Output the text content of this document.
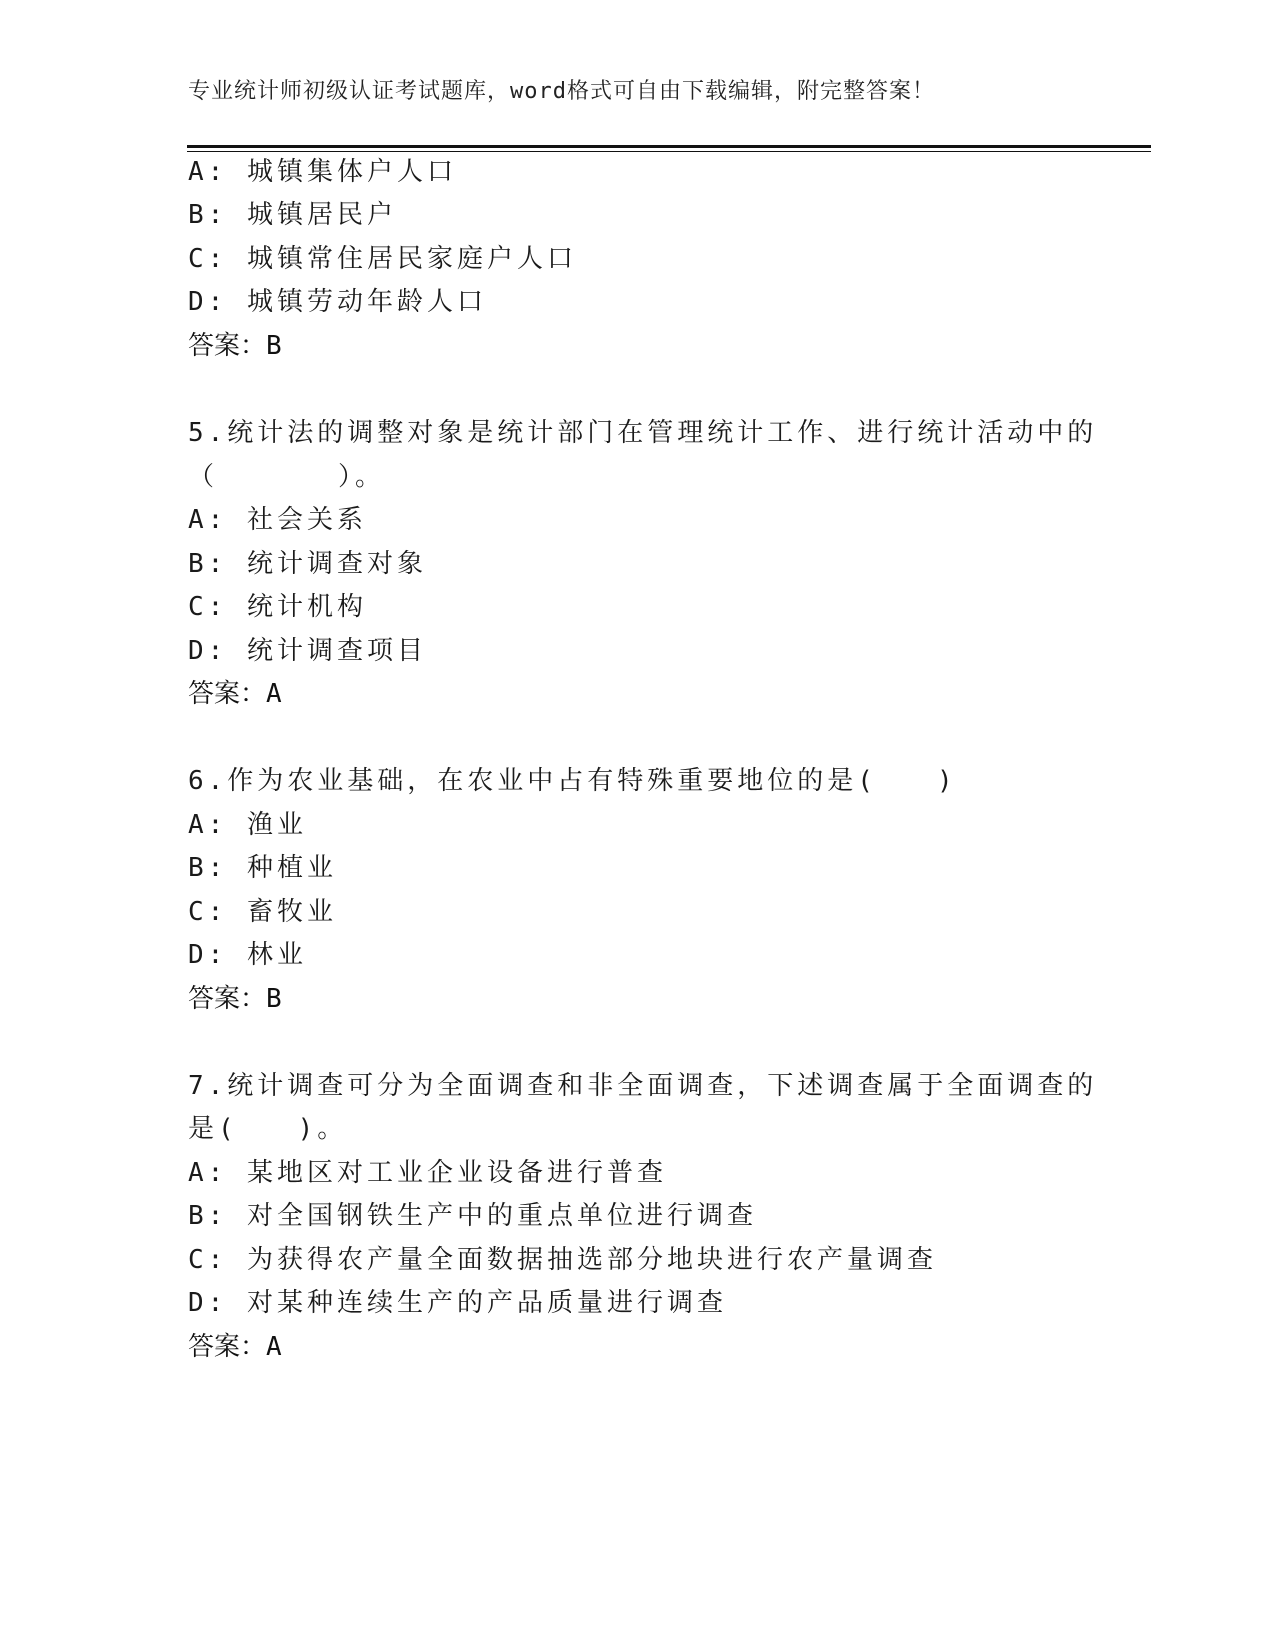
专业统计师初级认证考试题库，word格式可自由下载编辑，附完整答案！
A: 城镇集体户人口
B: 城镇居民户
C: 城镇常住居民家庭户人口
D: 城镇劳动年龄人口
答案：B
5.统计法的调整对象是统计部门在管理统计工作、进行统计活动中的
（　　　　）。
A: 社会关系
B: 统计调查对象
C: 统计机构
D: 统计调查项目
答案：A
6.作为农业基础，在农业中占有特殊重要地位的是(　　)
A: 渔业
B: 种植业
C: 畜牧业
D: 林业
答案：B
7.统计调查可分为全面调查和非全面调查，下述调查属于全面调查的
是(　　)。
A: 某地区对工业企业设备进行普查
B: 对全国钢铁生产中的重点单位进行调查
C: 为获得农产量全面数据抽选部分地块进行农产量调查
D: 对某种连续生产的产品质量进行调查
答案：A
